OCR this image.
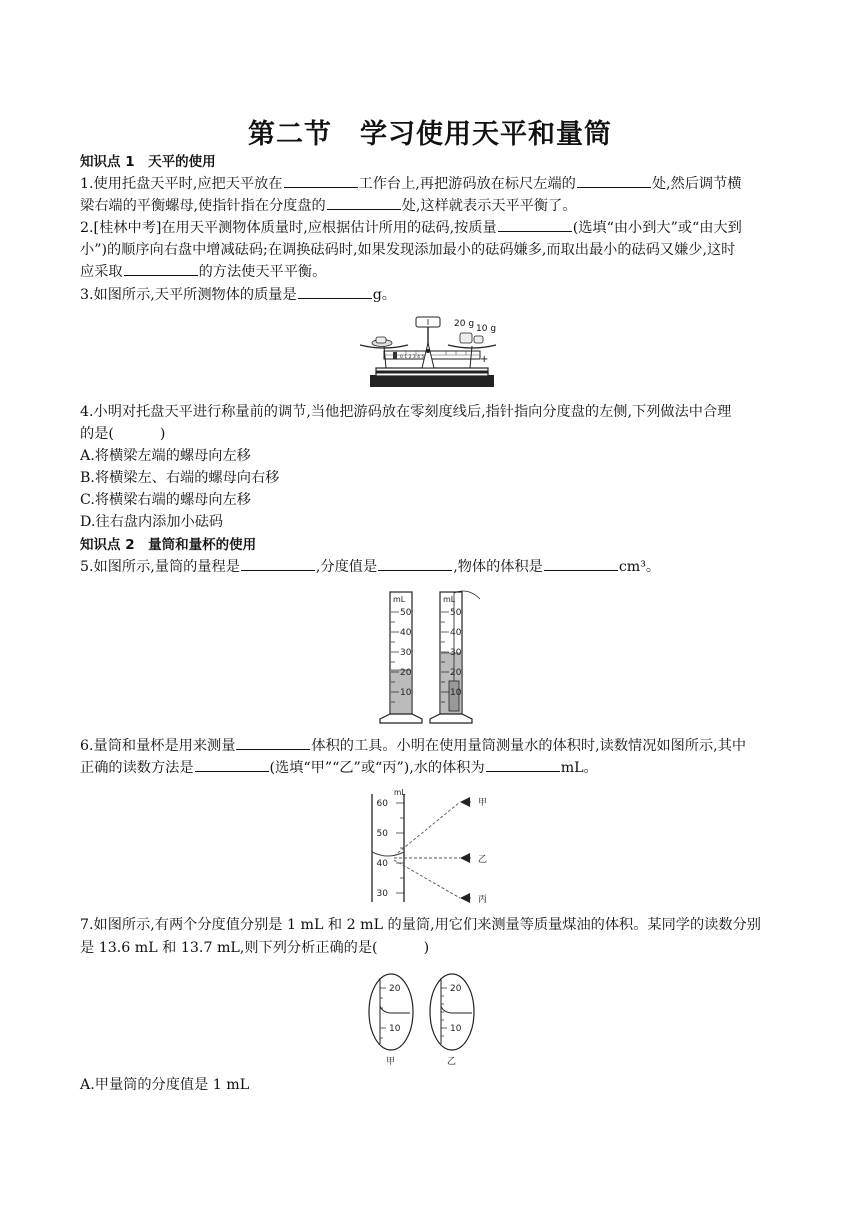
第二节　学习使用天平和量筒
知识点 1　天平的使用
1.使用托盘天平时,应把天平放在	工作台上,再把游码放在标尺左端的	处,然后调节横
梁右端的平衡螺母,使指针指在分度盘的	处,这样就表示天平平衡了。
2.[桂林中考]在用天平测物体质量时,应根据估计所用的砝码,按质量	(选填“由小到大”或“由大到
小”)的顺序向右盘中增减砝码;在调换砝码时,如果发现添加最小的砝码嫌多,而取出最小的砝码又嫌少,这时
应采取	的方法使天平平衡。
3.如图所示,天平所测物体的质量是	g。
0 1 2 3 4 5
20 g 10 g
+
4.小明对托盘天平进行称量前的调节,当他把游码放在零刻度线后,指针指向分度盘的左侧,下列做法中合理
的是(	)
A.将横梁左端的螺母向左移
B.将横梁左、右端的螺母向右移
C.将横梁右端的螺母向左移
D.往右盘内添加小砝码
知识点 2　量筒和量杯的使用
5.如图所示,量筒的量程是	,分度值是	,物体的体积是	cm³。
mL
50
40
30
20
10
mL
50
40
30
20
10
6.量筒和量杯是用来测量	体积的工具。小明在使用量筒测量水的体积时,读数情况如图所示,其中
正确的读数方法是	(选填“甲”“乙”或“丙”),水的体积为	mL。
mL
60
50
40
30
甲
乙
丙
7.如图所示,有两个分度值分别是 1 mL 和 2 mL 的量筒,用它们来测量等质量煤油的体积。某同学的读数分别
是 13.6 mL 和 13.7 mL,则下列分析正确的是(	)
20
10
甲
20
10
乙
A.甲量筒的分度值是 1 mL
